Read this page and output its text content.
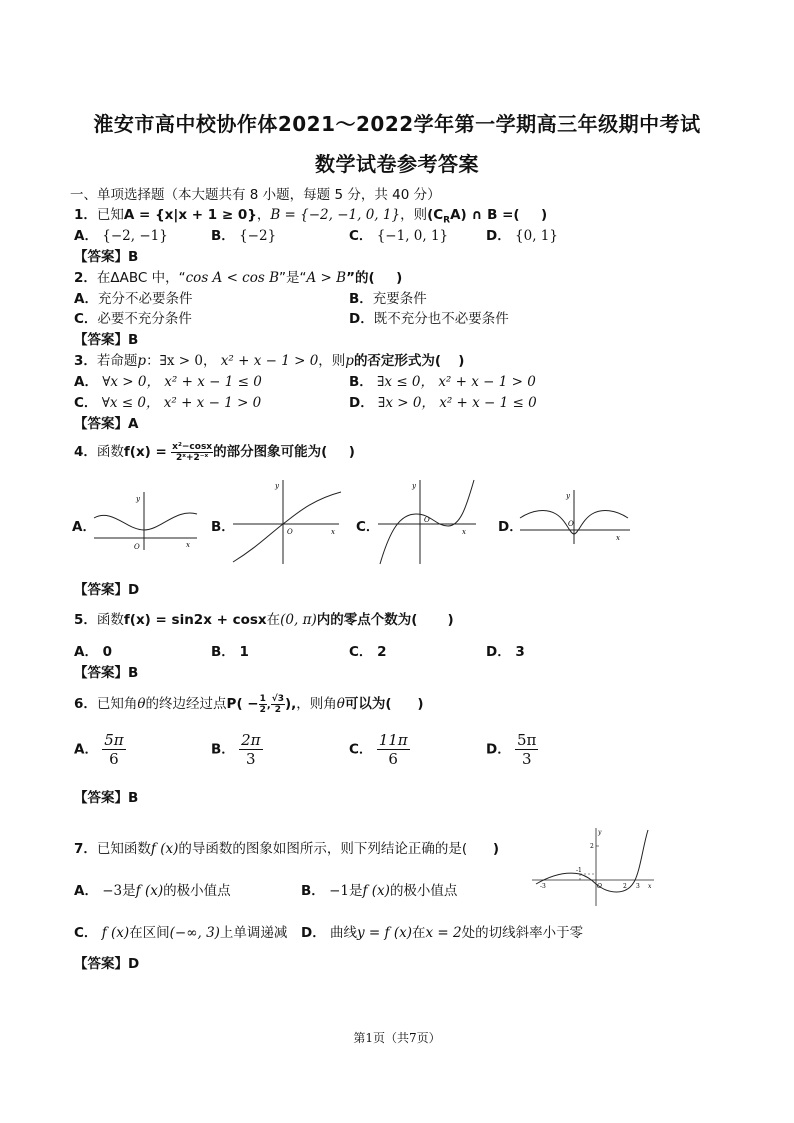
淮安市高中校协作体2021～2022学年第一学期高三年级期中考试
数学试卷参考答案
一、单项选择题（本大题共有 8 小题，每题 5 分，共 40 分）
1．已知A = {x|x + 1 ≥ 0}，B = {−2, −1, 0, 1}，则$(C_RA)$ ∩ B =( )
A． {−2, −1}	B． {−2}	C． {−1, 0, 1}	D． {0, 1}
【答案】B
2．在ΔABC 中，“cos A < cos B”是“A > B”的( )
A．充分不必要条件	B．充要条件
C．必要不充分条件	D．既不充分也不必要条件
【答案】B
3．若命题p：∃x > 0， x² + x − 1 > 0，则p的否定形式为( )
A． ∀x > 0， x² + x − 1 ≤ 0	B． ∃x ≤ 0， x² + x − 1 > 0
C． ∀x ≤ 0， x² + x − 1 > 0	D． ∃x > 0， x² + x − 1 ≤ 0
【答案】A
4．函数$f(x) = \frac{\text{x²−cosx}}{\text{2ˣ+2⁻ˣ}}$ 的部分图象可能为( )
A．
y
O	x
B．
y
O	x C．
y
O
x D．
y
O
x
【答案】D
5．函数f(x) = sin2x + cosx在(0, π)内的零点个数为( )
A． 0	B． 1	C． 2	D． 3
【答案】B
6．已知角θ的终边经过点$P( - \frac{1}{2}$ , $\frac{√3}{2}$ ),，则角θ可以为( )
A． $\frac{5\pi}{6}$	B． $\frac{2\pi}{3}$	C． $\frac{11\pi}{6}$	D． $\frac{5\pi}{3}$
【答案】B
7．已知函数f (x)的导函数的图象如图所示，则下列结论正确的是( )
A． −3是f (x)的极小值点	B． −1是f (x)的极小值点
C． f (x)在区间(−∞, 3)上单调递减 D． 曲线y = f (x)在x = 2处的切线斜率小于零
y
2
-3
-1
O	2 3 x
【答案】D
第1页（共7页）
